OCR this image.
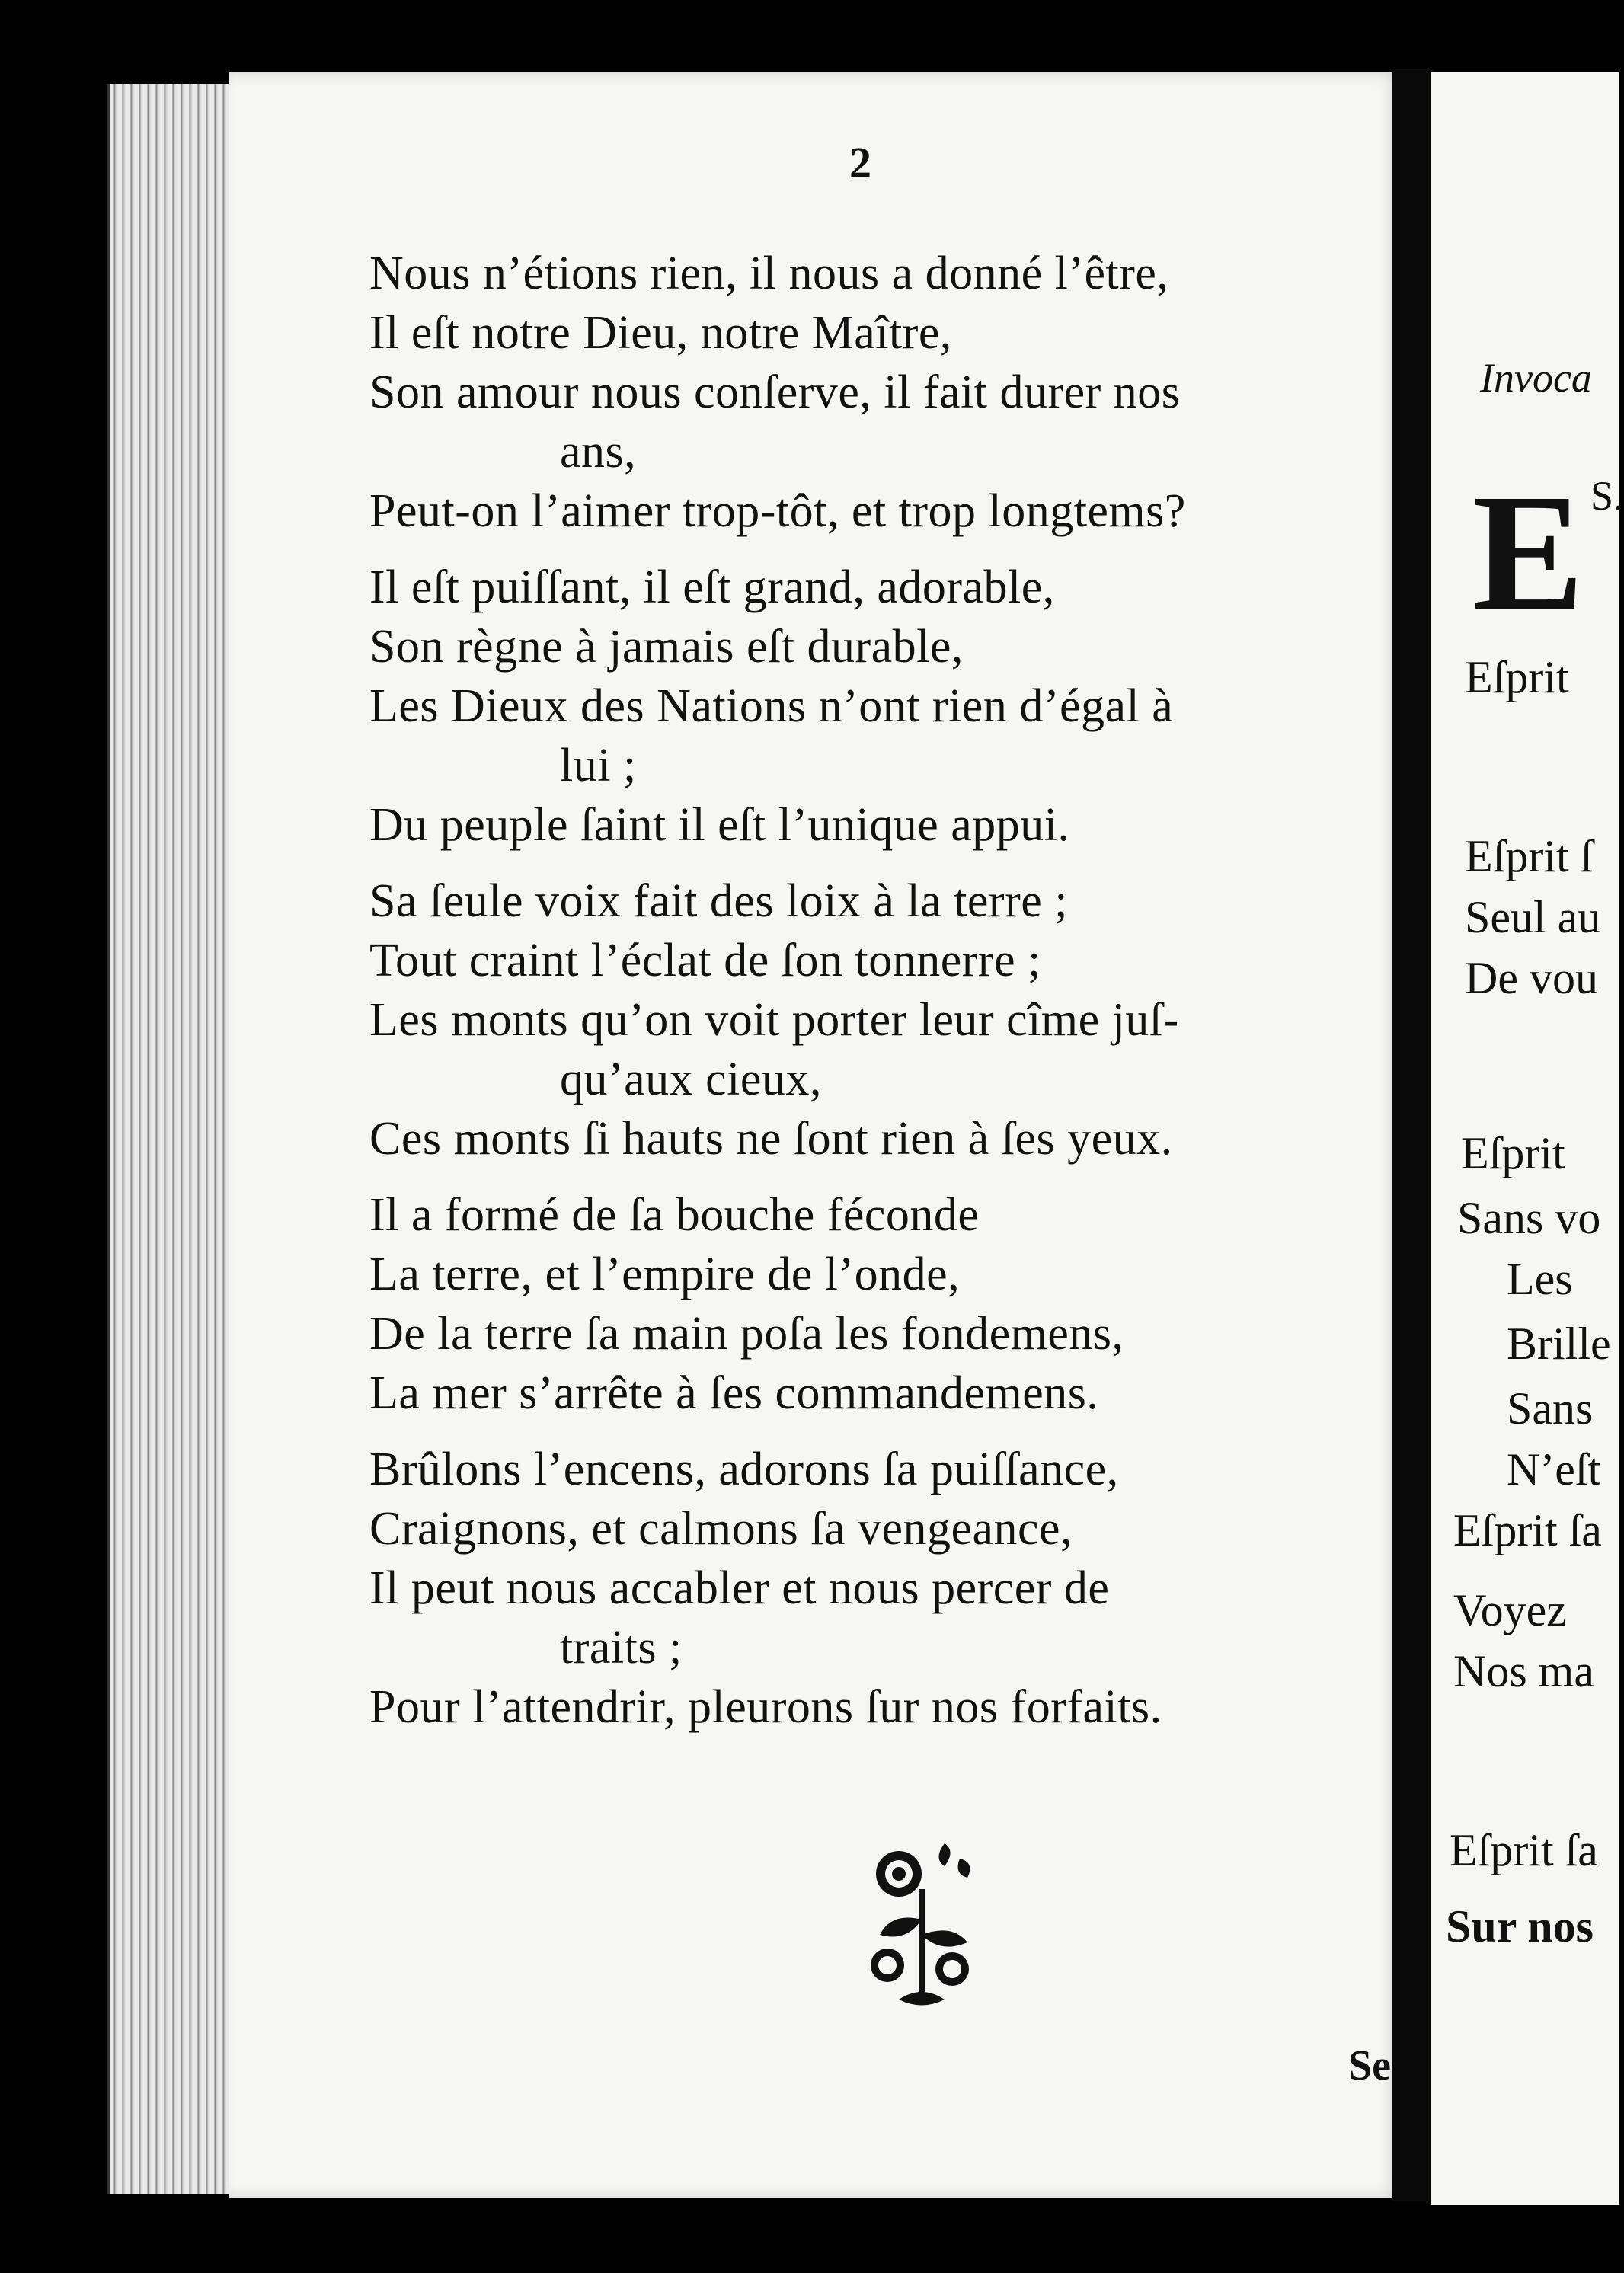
2
Nous n’étions rien, il nous a donné l’être,
Il eſt notre Dieu, notre Maître,
Son amour nous conſerve, il fait durer nos
ans,
Peut-on l’aimer trop-tôt, et trop longtems?
Il eſt puiſſant, il eſt grand, adorable,
Son règne à jamais eſt durable,
Les Dieux des Nations n’ont rien d’égal à
lui ;
Du peuple ſaint il eſt l’unique appui.
Sa ſeule voix fait des loix à la terre ;
Tout craint l’éclat de ſon tonnerre ;
Les monts qu’on voit porter leur cîme juſ-
qu’aux cieux,
Ces monts ſi hauts ne ſont rien à ſes yeux.
Il a formé de ſa bouche féconde
La terre, et l’empire de l’onde,
De la terre ſa main poſa les fondemens,
La mer s’arrête à ſes commandemens.
Brûlons l’encens, adorons ſa puiſſance,
Craignons, et calmons ſa vengeance,
Il peut nous accabler et nous percer de
traits ;
Pour l’attendrir, pleurons ſur nos forfaits.
Se
Invoca
E S.
Eſprit
Eſprit ſ
Seul au
De vou
Eſprit
Sans vo
Les
Brille
Sans
N’eſt
Eſprit ſa
Voyez
Nos ma
Eſprit ſa
Sur nos
